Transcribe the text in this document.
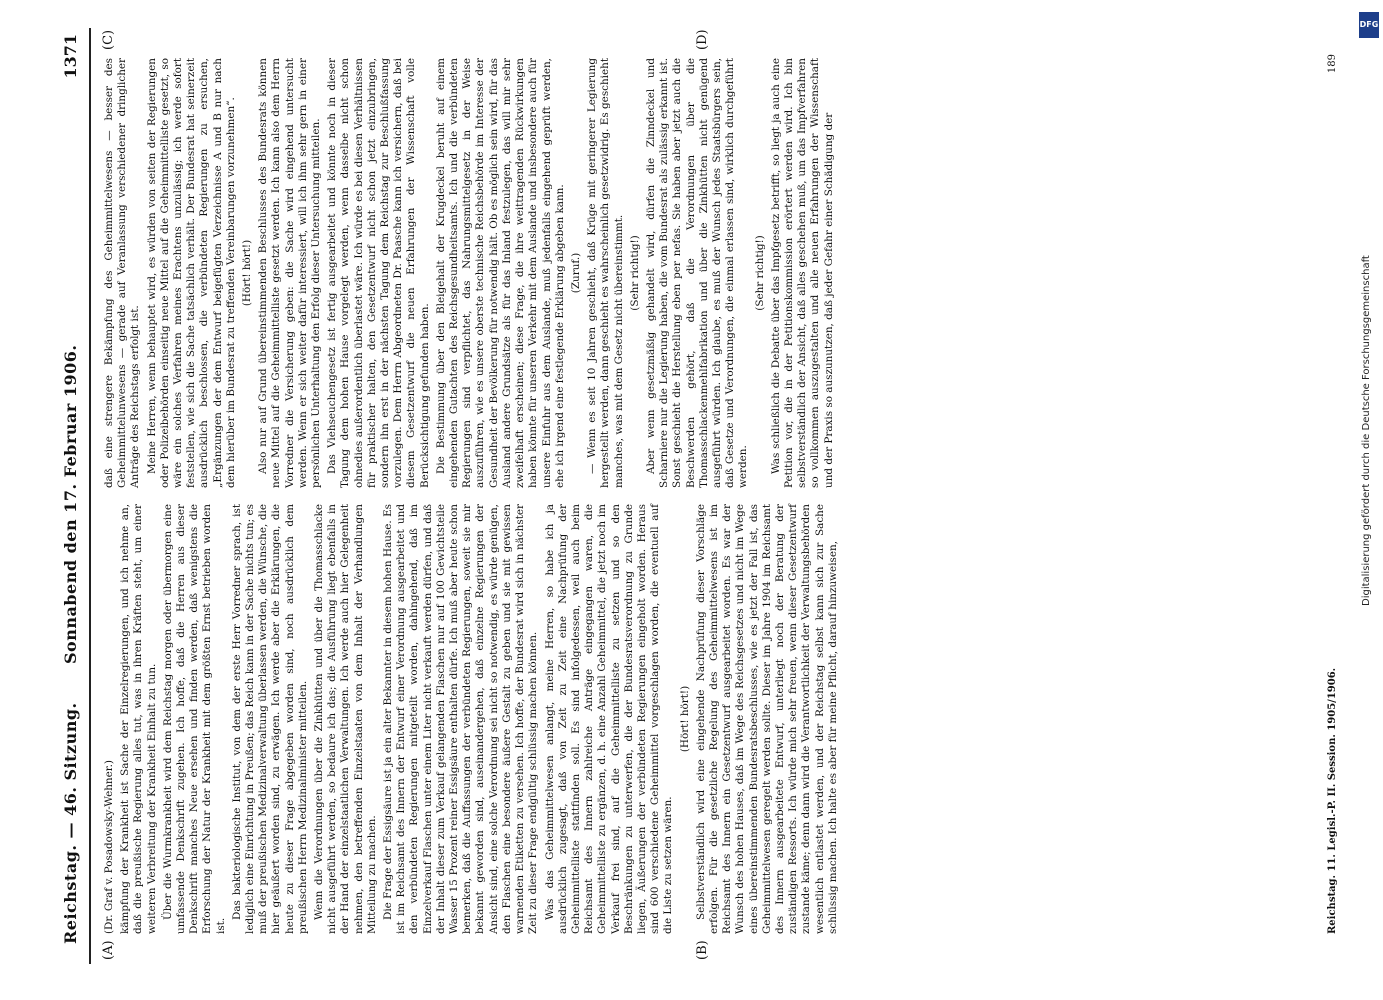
Reichstag. — 46. Sitzung.
Sonnabend den 17. Februar 1906.
1371
(A)	(B)
(C)	(D)

(Dr. Graf v. Posadowsky-Wehner.) kämpfung der Krankheit ist Sache der Einzelregierungen, und ich nehme an, daß die preußische Regierung alles tut, was in ihren Kräften steht, um einer weiteren Verbreitung der Krankheit Einhalt zu tun. Über die Wurmkrankheit wird dem Reichstag morgen oder übermorgen eine umfassende Denkschrift zugehen. Ich hoffe, daß die Herren aus dieser Denkschrift manches Neue ersehen und finden werden, daß wenigstens die Erforschung der Natur der Krankheit mit dem größten Ernst betrieben worden ist.

Das bakteriologische Institut, von dem der erste Herr Vorredner sprach, ist lediglich eine Einrichtung in Preußen; das Reich kann in der Sache nichts tun; es muß der preußischen Medizinalverwaltung überlassen werden, die Wünsche, die hier geäußert worden sind, zu erwägen. Ich werde aber die Erklärungen, die heute zu dieser Frage abgegeben worden sind, noch ausdrücklich dem preußischen Herrn Medizinalminister mitteilen. Wenn die Verordnungen über die Zinkhütten und über die Thomasschlacke nicht ausgeführt werden, so bedaure ich das; die Ausführung liegt ebenfalls in der Hand der einzelstaatlichen Verwaltungen. Ich werde auch hier Gelegenheit nehmen, den betreffenden Einzelstaaten von dem Inhalt der Verhandlungen Mitteilung zu machen. Die Frage der Essigsäure ist ja ein alter Bekannter in diesem hohen Hause. Es ist im Reichsamt des Innern der Entwurf einer Verordnung ausgearbeitet und den verbündeten Regierungen mitgeteilt worden, dahingehend, daß im Einzelverkauf Flaschen unter einem Liter nicht verkauft werden dürfen, und daß der Inhalt dieser zum Verkauf gelangenden Flaschen nur auf 100 Gewichtsteile Wasser 15 Prozent reiner Essigsäure enthalten dürfe. Ich muß aber heute schon bemerken, daß die Auffassungen der verbündeten Regierungen, soweit sie mir bekannt geworden sind, auseinandergehen, daß einzelne Regierungen der Ansicht sind, eine solche Verordnung sei nicht so notwendig, es würde genügen, den Flaschen eine besondere äußere Gestalt zu geben und sie mit gewissen warnenden Etiketten zu versehen. Ich hoffe, der Bundesrat wird sich in nächster Zeit zu dieser Frage endgültig schlüssig machen können. Was das Geheimmittelwesen anlangt, meine Herren, so habe ich ja ausdrücklich zugesagt, daß von Zeit zu Zeit eine Nachprüfung der Geheimmittelliste stattfinden soll. Es sind infolgedessen, weil auch beim Reichsamt des Innern zahlreiche Anträge eingegangen waren, die Geheimmittelliste zu ergänzen, d. h. eine Anzahl Geheimmittel, die jetzt noch im Verkauf frei sind, auf die Geheimmittelliste zu setzen und so den Beschränkungen zu unterwerfen, die der Bundesratsverordnung zu Grunde liegen, Äußerungen der verbündeten Regierungen eingeholt worden. Heraus sind 600 verschiedene Geheimmittel vorgeschlagen worden, die eventuell auf die Liste zu setzen wären.

(Hört! hört!) Selbstverständlich wird eine eingehende Nachprüfung dieser Vorschläge erfolgen. Für die gesetzliche Regelung des Geheimmittelwesens ist im Reichsamt des Innern ein Gesetzentwurf ausgearbeitet worden. Es war der Wunsch des hohen Hauses, daß im Wege des Reichsgesetzes und nicht im Wege eines übereinstimmenden Bundesratsbeschlusses, wie es jetzt der Fall ist, das Geheimmittelwesen geregelt werden sollte. Dieser im Jahre 1904 im Reichsamt des Innern ausgearbeitete Entwurf, unterliegt noch der Beratung der zuständigen Ressorts. Ich würde mich sehr freuen, wenn dieser Gesetzentwurf zustande käme; denn dann wird die Verantwortlichkeit der Verwaltungsbehörden wesentlich entlastet werden, und der Reichstag selbst kann sich zur Sache schlüssig machen. Ich halte es aber für meine Pflicht, darauf hinzuweisen,

daß eine strengere Bekämpfung des Geheimmittelwesens — besser des Geheimmittelunwesens — gerade auf Veranlassung verschiedener dringlicher Anträge des Reichstags erfolgt ist. Meine Herren, wenn behauptet wird, es würden von seiten der Regierungen oder Polizeibehörden einseitig neue Mittel auf die Geheimmittelliste gesetzt, so wäre ein solches Verfahren meines Erachtens unzulässig; ich werde sofort feststellen, wie sich die Sache tatsächlich verhält. Der Bundesrat hat seinerzeit ausdrücklich beschlossen, die verbündeten Regierungen zu ersuchen, „Ergänzungen der dem Entwurf beigefügten Verzeichnisse A und B nur nach dem hierüber im Bundesrat zu treffenden Vereinbarungen vorzunehmen“. (Hört! hört!) Also nur auf Grund übereinstimmenden Beschlusses des Bundesrats können neue Mittel auf die Geheimmittelliste gesetzt werden. Ich kann also dem Herrn Vorredner die Versicherung geben: die Sache wird eingehend untersucht werden. Wenn er sich weiter dafür interessiert, will ich ihm sehr gern in einer persönlichen Unterhaltung den Erfolg dieser Untersuchung mitteilen. Das Viehseuchengesetz ist fertig ausgearbeitet und könnte noch in dieser Tagung dem hohen Hause vorgelegt werden, wenn dasselbe nicht schon ohnedies außerordentlich überlastet wäre. Ich würde es bei diesen Verhältnissen für praktischer halten, den Gesetzentwurf nicht schon jetzt einzubringen, sondern ihn erst in der nächsten Tagung dem Reichstag zur Beschlußfassung vorzulegen. Dem Herrn Abgeordneten Dr. Paasche kann ich versichern, daß bei diesem Gesetzentwurf die neuen Erfahrungen der Wissenschaft volle Berücksichtigung gefunden haben. Die Bestimmung über den Bleigehalt der Krugdeckel beruht auf einem eingehenden Gutachten des Reichsgesundheitsamts. Ich und die verbündeten Regierungen sind verpflichtet, das Nahrungsmittelgesetz in der Weise auszuführen, wie es unsere oberste technische Reichsbehörde im Interesse der Gesundheit der Bevölkerung für notwendig hält. Ob es möglich sein wird, für das Ausland andere Grundsätze als für das Inland festzulegen, das will mir sehr zweifelhaft erscheinen; diese Frage, die ihre weittragenden Rückwirkungen haben könnte für unseren Verkehr mit dem Auslande und insbesondere auch für unsere Einfuhr aus dem Auslande, muß jedenfalls eingehend geprüft werden, ehe ich irgend eine festlegende Erklärung abgeben kann. (Zuruf.) — Wenn es seit 10 Jahren geschieht, daß Krüge mit geringerer Legierung hergestellt werden, dann geschieht es wahrscheinlich gesetzwidrig. Es geschieht manches, was mit dem Gesetz nicht übereinstimmt. (Sehr richtig!) Aber wenn gesetzmäßig gehandelt wird, dürfen die Zinndeckel und Scharniere nur die Legierung haben, die vom Bundesrat als zulässig erkannt ist. Sonst geschieht die Herstellung eben per nefas. Sie haben aber jetzt auch die Beschwerden gehört, daß die Verordnungen über die Thomasschlackenmehlfabrikation und über die Zinkhütten nicht genügend ausgeführt würden. Ich glaube, es muß der Wunsch jedes Staatsbürgers sein, daß Gesetze und Verordnungen, die einmal erlassen sind, wirklich durchgeführt werden.

(Sehr richtig!) Was schließlich die Debatte über das Impfgesetz betrifft, so liegt ja auch eine Petition vor, die in der Petitionskommission erörtert werden wird. Ich bin selbstverständlich der Ansicht, daß alles geschehen muß, um das Impfverfahren so vollkommen auszugestalten und alle neuen Erfahrungen der Wissenschaft und der Praxis so auszunutzen, daß jeder Gefahr einer Schädigung der

Reichstag. 11. Legisl.-P. II. Session. 1905/1906.
189
DFG
Digitalisierung gefördert durch die Deutsche Forschungsgemeinschaft
